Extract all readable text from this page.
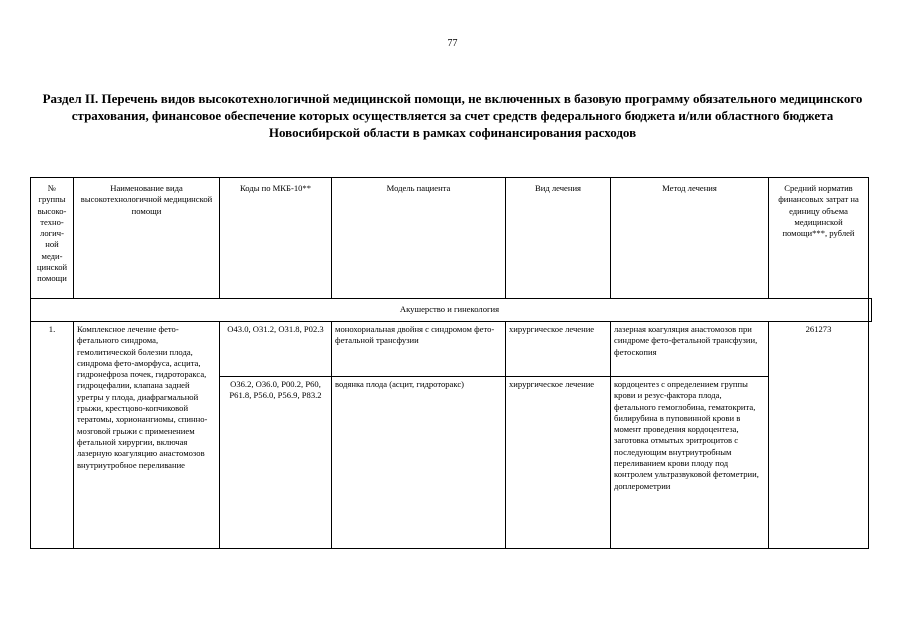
77
Раздел II. Перечень видов высокотехнологичной медицинской помощи, не включенных в базовую программу обязательного медицинского страхования, финансовое обеспечение которых осуществляется за счет средств федерального бюджета и/или областного бюджета Новосибирской области в рамках софинансирования расходов
№ группы высоко-техно-логич-ной меди-цинской помощи	Наименование вида высокотехнологичной медицинской помощи	Коды по МКБ-10**	Модель пациента	Вид лечения	Метод лечения	Средний норматив финансовых затрат на единицу объема медицинской помощи***, рублей
Акушерство и гинекология						
1.	Комплексное лечение фето-фетального синдрома, гемолитической болезни плода, синдрома фето-аморфуса, асцита, гидронефроза почек, гидроторакса, гидроцефалии, клапана задней уретры у плода, диафрагмальной грыжи, крестцово-копчиковой тератомы, хорионангиомы, спинно-мозговой грыжи с применением фетальной хирургии, включая лазерную коагуляцию анастомозов внутриутробное переливание	O43.0, O31.2, O31.8, P02.3	монохориальная двойня с синдромом фето-фетальной трансфузии	хирургическое лечение	лазерная коагуляция анастомозов при синдроме фето-фетальной трансфузии, фетоскопия	261273
		O36.2, O36.0, P00.2, P60, P61.8, P56.0, P56.9, P83.2	водянка плода (асцит, гидроторакс)	хирургическое лечение	кордоцентез с определением группы крови и резус-фактора плода, фетального гемоглобина, гематокрита, билирубина в пуповинной крови в момент проведения кордоцентеза, заготовка отмытых эритроцитов с последующим внутриутробным переливанием крови плоду под контролем ультразвуковой фетометрии, доплерометрии	
